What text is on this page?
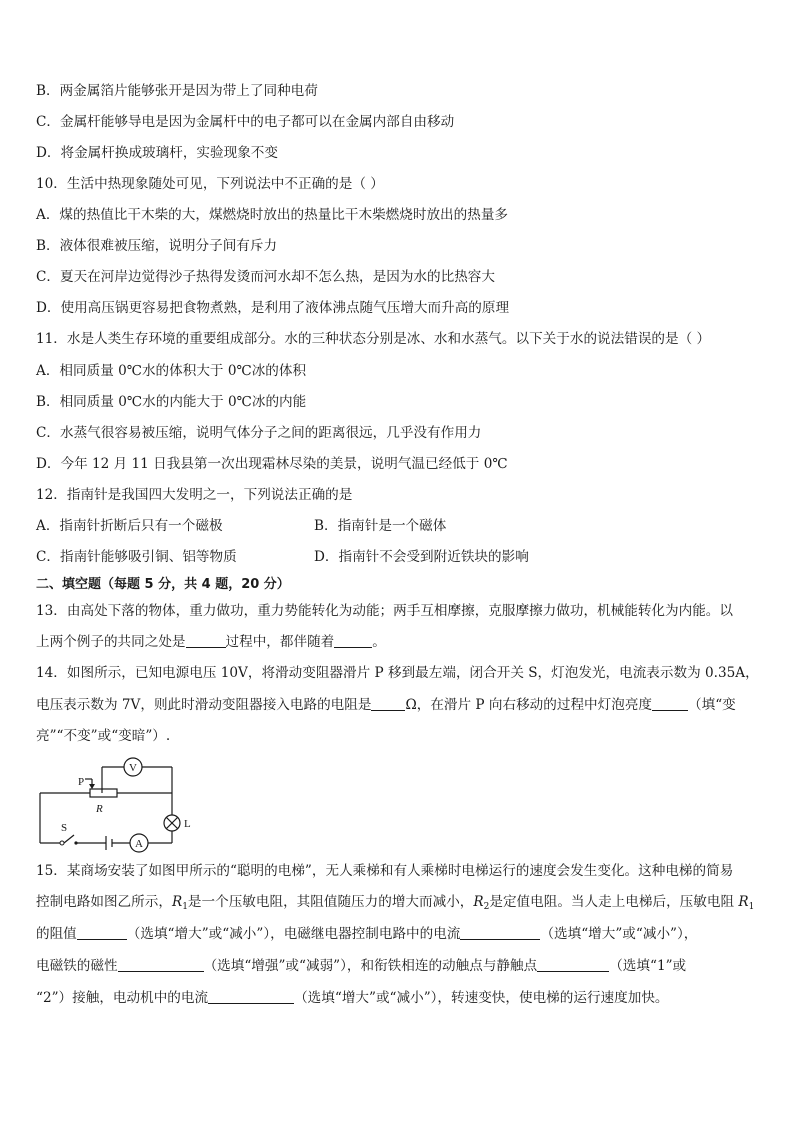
B．两金属箔片能够张开是因为带上了同种电荷
C．金属杆能够导电是因为金属杆中的电子都可以在金属内部自由移动
D．将金属杆换成玻璃杆，实验现象不变
10．生活中热现象随处可见，下列说法中不正确的是（ ）
A．煤的热值比干木柴的大，煤燃烧时放出的热量比干木柴燃烧时放出的热量多
B．液体很难被压缩，说明分子间有斥力
C．夏天在河岸边觉得沙子热得发烫而河水却不怎么热，是因为水的比热容大
D．使用高压锅更容易把食物煮熟，是利用了液体沸点随气压增大而升高的原理
11．水是人类生存环境的重要组成部分。水的三种状态分别是冰、水和水蒸气。以下关于水的说法错误的是（ ）
A．相同质量 0℃水的体积大于 0℃冰的体积
B．相同质量 0℃水的内能大于 0℃冰的内能
C．水蒸气很容易被压缩，说明气体分子之间的距离很远，几乎没有作用力
D．今年 12 月 11 日我县第一次出现霜林尽染的美景，说明气温已经低于 0℃
12．指南针是我国四大发明之一，下列说法正确的是
A．指南针折断后只有一个磁极	B．指南针是一个磁体
C．指南针能够吸引铜、铝等物质	D．指南针不会受到附近铁块的影响
二、填空题（每题 5 分，共 4 题，20 分）
13．由高处下落的物体，重力做功，重力势能转化为动能；两手互相摩擦，克服摩擦力做功，机械能转化为内能。以
上两个例子的共同之处是	过程中，都伴随着	。
14．如图所示，已知电源电压 10V，将滑动变阻器滑片 P 移到最左端，闭合开关 S，灯泡发光，电流表示数为 0.35A，
电压表示数为 7V，则此时滑动变阻器接入电路的电阻是	Ω，在滑片 P 向右移动的过程中灯泡亮度	（填“变
亮”“不变”或“变暗”）.
V
P
R
S
A
L
15．某商场安装了如图甲所示的“聪明的电梯”，无人乘梯和有人乘梯时电梯运行的速度会发生变化。这种电梯的简易
控制电路如图乙所示，$R_1$是一个压敏电阻，其阻值随压力的增大而减小，$R_2$是定值电阻。当人走上电梯后，压敏电阻 $R_1$
的阻值	（选填“增大”或“减小”），电磁继电器控制电路中的电流	（选填“增大”或“减小”），
电磁铁的磁性	（选填“增强”或“减弱”），和衔铁相连的动触点与静触点	（选填“1”或
“2”）接触，电动机中的电流	（选填“增大”或“减小”），转速变快，使电梯的运行速度加快。
